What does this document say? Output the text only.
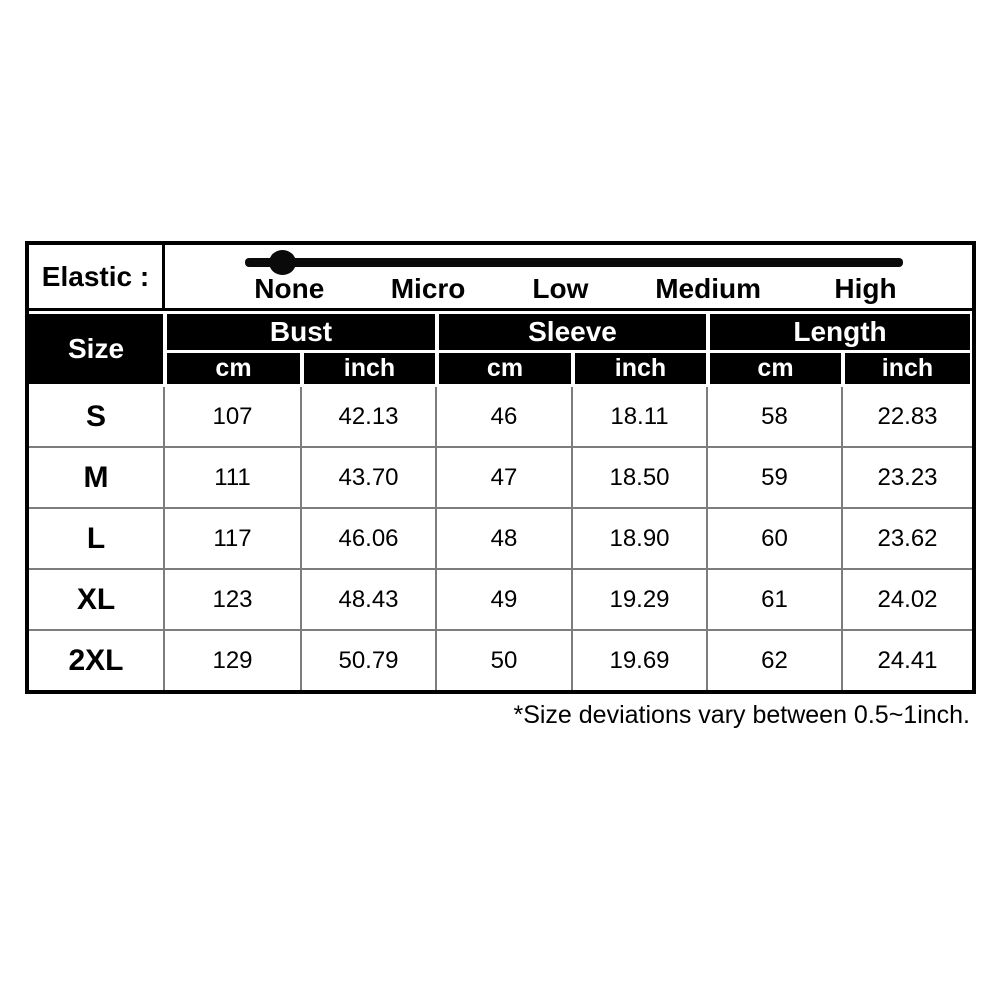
Elastic :	None Micro Low Medium High					

Size	Bust		Sleeve		Length	
	cm	inch	cm	inch	cm	inch
S	107	42.13	46	18.11	58	22.83
M	111	43.70	47	18.50	59	23.23
L	117	46.06	48	18.90	60	23.62
XL	123	48.43	49	19.29	61	24.02
2XL	129	50.79	50	19.69	62	24.41
*Size deviations vary between 0.5~1inch.
